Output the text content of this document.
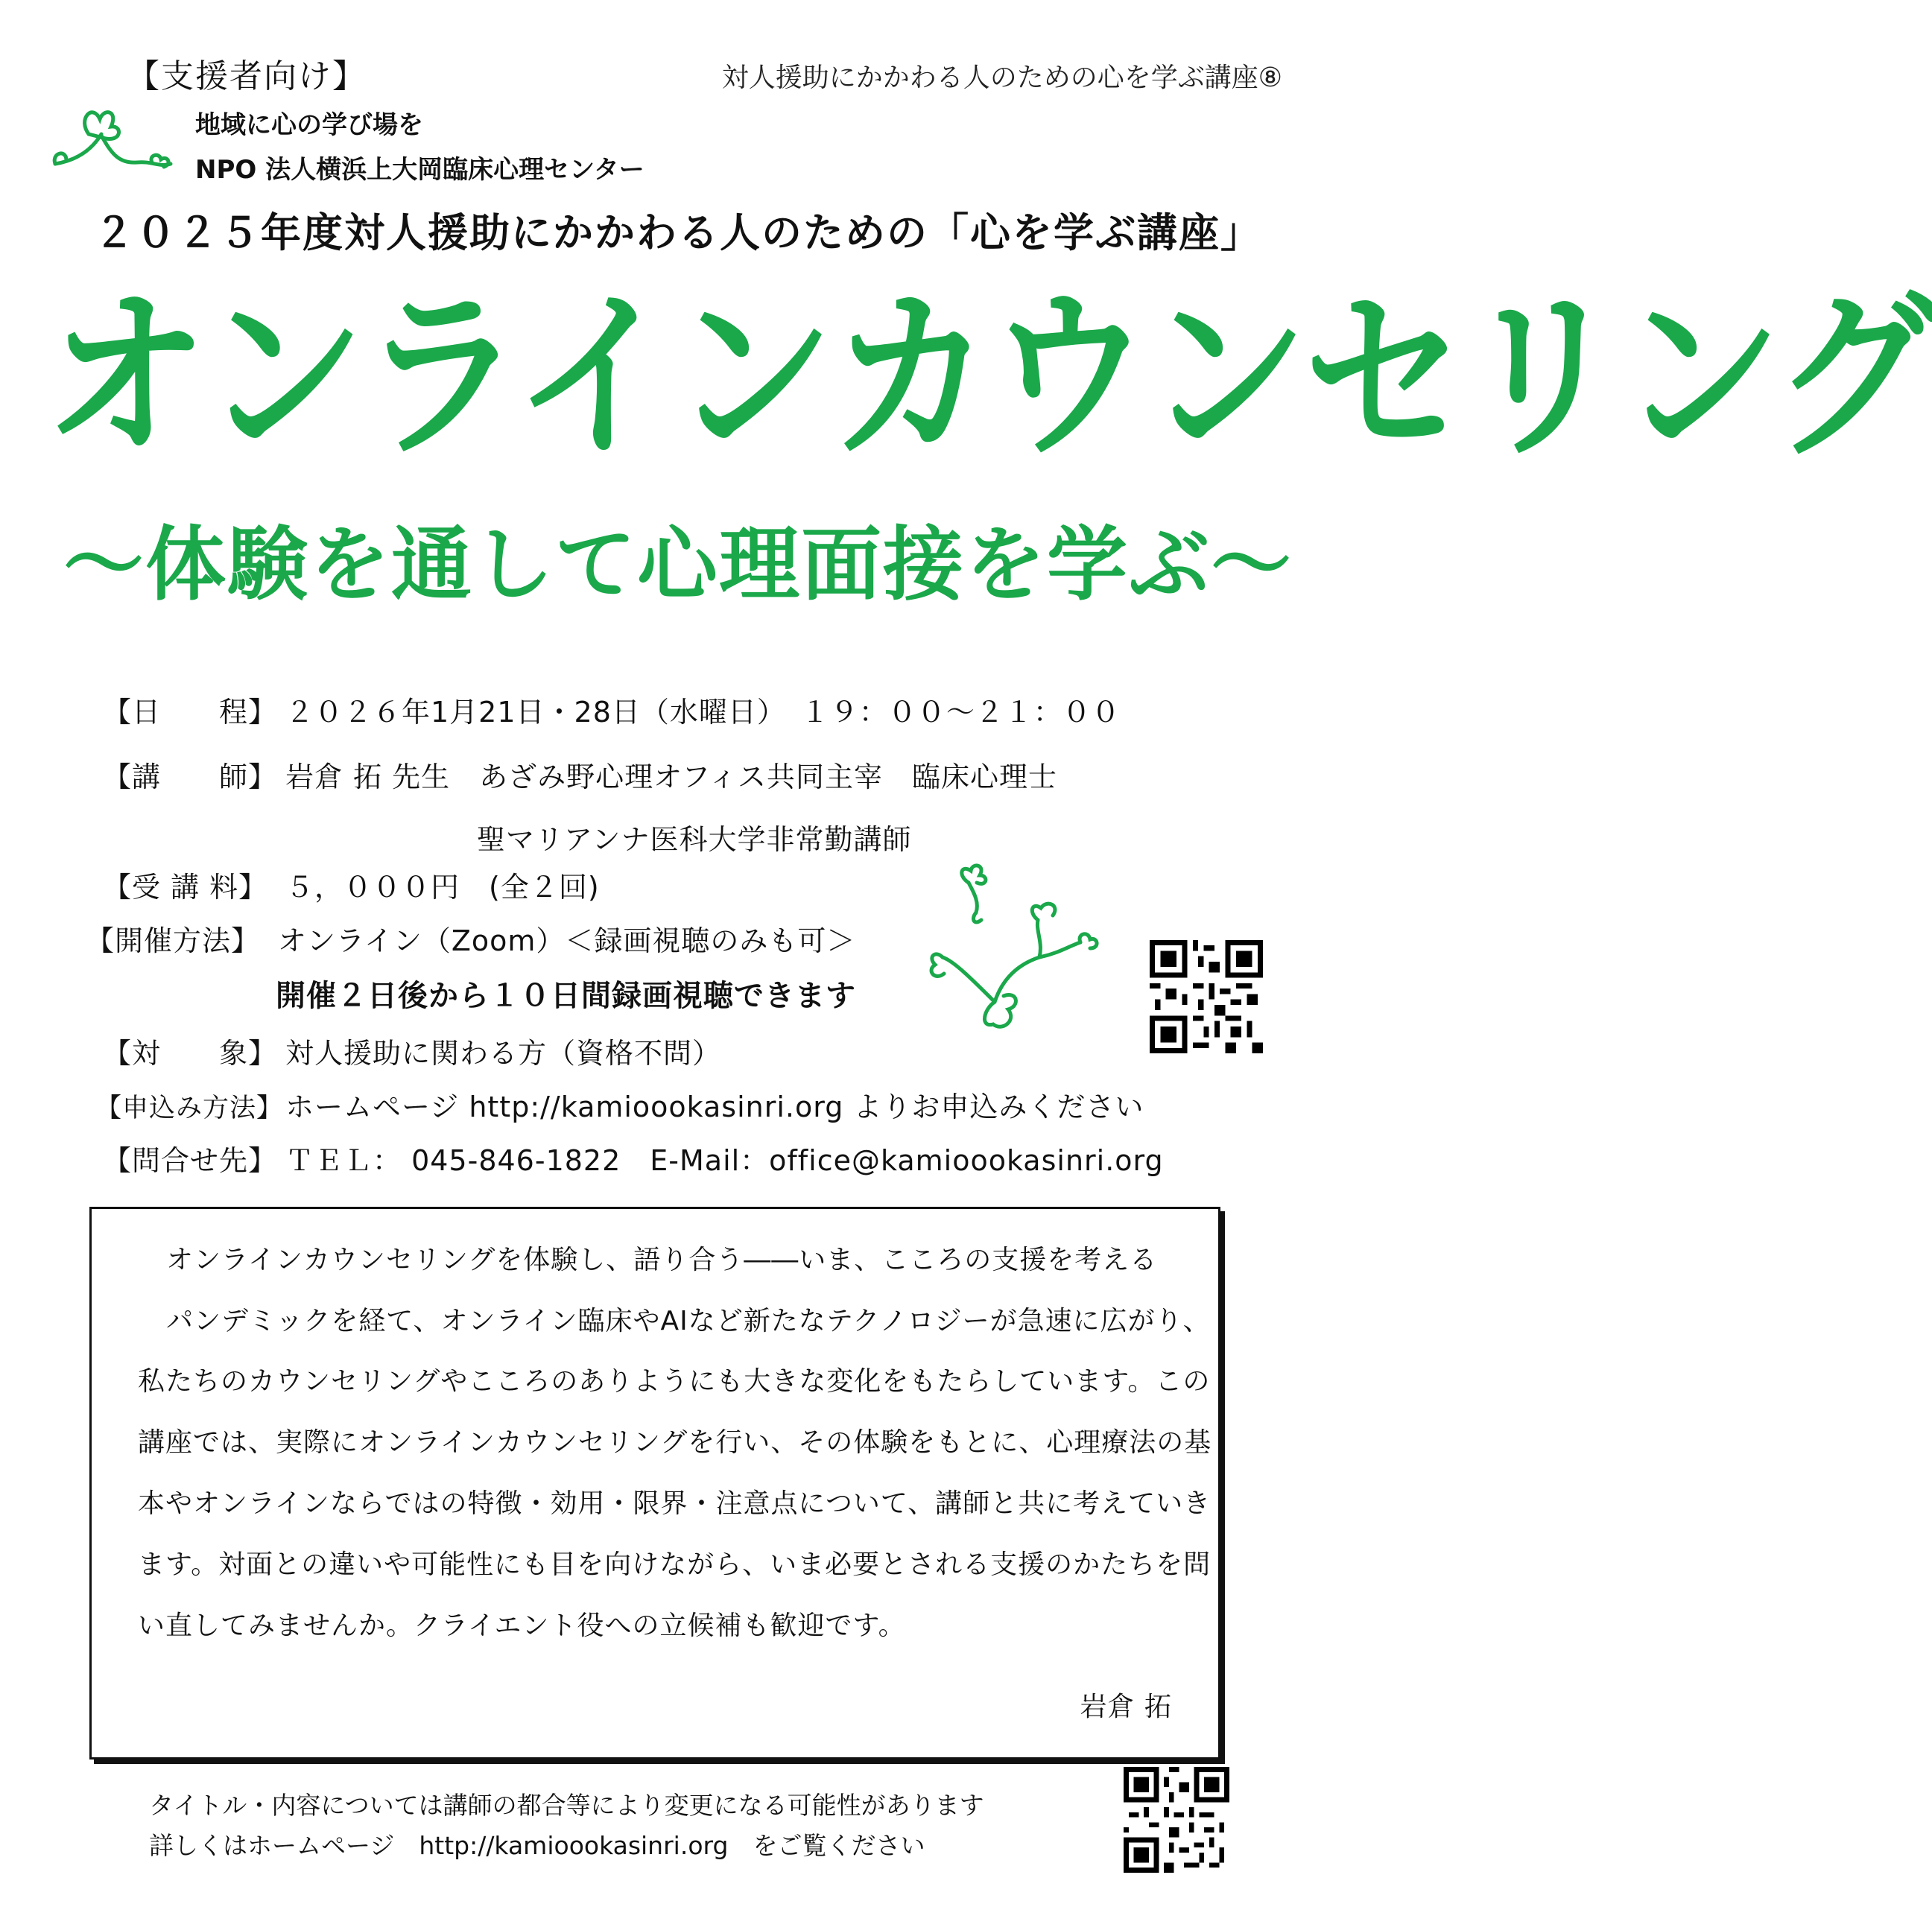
【支援者向け】	対人援助にかかわる人のための心を学ぶ講座⑧
地域に心の学び場を
NPO 法人横浜上大岡臨床心理センター
２０２５年度対人援助にかかわる人のための「心を学ぶ講座」
オンラインカウンセリング
～体験を通して心理面接を学ぶ～
【日　　程】 ２０２６年1月21日・28日（水曜日）　１９：００～２１：００
【講　　師】 岩倉 拓 先生　あざみ野心理オフィス共同主宰　臨床心理士
聖マリアンナ医科大学非常勤講師
【受 講 料】 ５，０００円　(全２回)
【開催方法】 オンライン（Zoom）＜録画視聴のみも可＞
開催２日後から１０日間録画視聴できます
【対　　象】 対人援助に関わる方（資格不問）
【申込み方法】ホームページ http://kamioookasinri.org よりお申込みください
【問合せ先】 ＴＥＬ： 045-846-1822　E-Mail：office@kamioookasinri.org

オンラインカウンセリングを体験し、語り合う――いま、こころの支援を考える

パンデミックを経て、オンライン臨床やAIなど新たなテクノロジーが急速に広がり、

私たちのカウンセリングやこころのありようにも大きな変化をもたらしています。この

講座では、実際にオンラインカウンセリングを行い、その体験をもとに、心理療法の基

本やオンラインならではの特徴・効用・限界・注意点について、講師と共に考えていき

ます。対面との違いや可能性にも目を向けながら、いま必要とされる支援のかたちを問

い直してみませんか。クライエント役への立候補も歓迎です。

岩倉 拓

タイトル・内容については講師の都合等により変更になる可能性があります
詳しくはホームページ　http://kamioookasinri.org　をご覧ください
